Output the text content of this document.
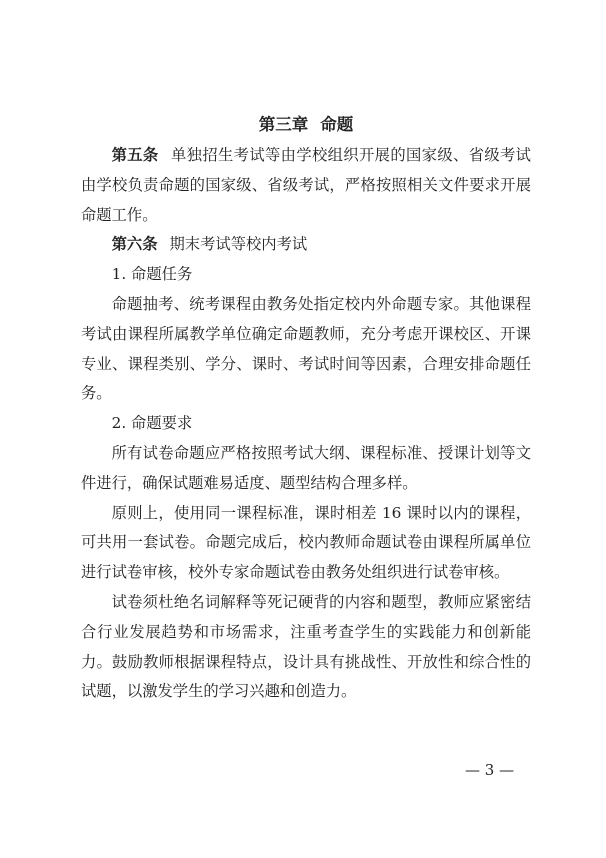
第三章 命题

第五条 单独招生考试等由学校组织开展的国家级、省级考试由学校负责命题的国家级、省级考试，严格按照相关文件要求开展命题工作。

第六条 期末考试等校内考试

1. 命题任务

命题抽考、统考课程由教务处指定校内外命题专家。其他课程考试由课程所属教学单位确定命题教师，充分考虑开课校区、开课专业、课程类别、学分、课时、考试时间等因素，合理安排命题任务。

2. 命题要求

所有试卷命题应严格按照考试大纲、课程标准、授课计划等文件进行，确保试题难易适度、题型结构合理多样。

原则上，使用同一课程标准，课时相差 16 课时以内的课程，可共用一套试卷。命题完成后，校内教师命题试卷由课程所属单位进行试卷审核，校外专家命题试卷由教务处组织进行试卷审核。

试卷须杜绝名词解释等死记硬背的内容和题型，教师应紧密结合行业发展趋势和市场需求，注重考查学生的实践能力和创新能力。鼓励教师根据课程特点，设计具有挑战性、开放性和综合性的试题，以激发学生的学习兴趣和创造力。

— 3 —
